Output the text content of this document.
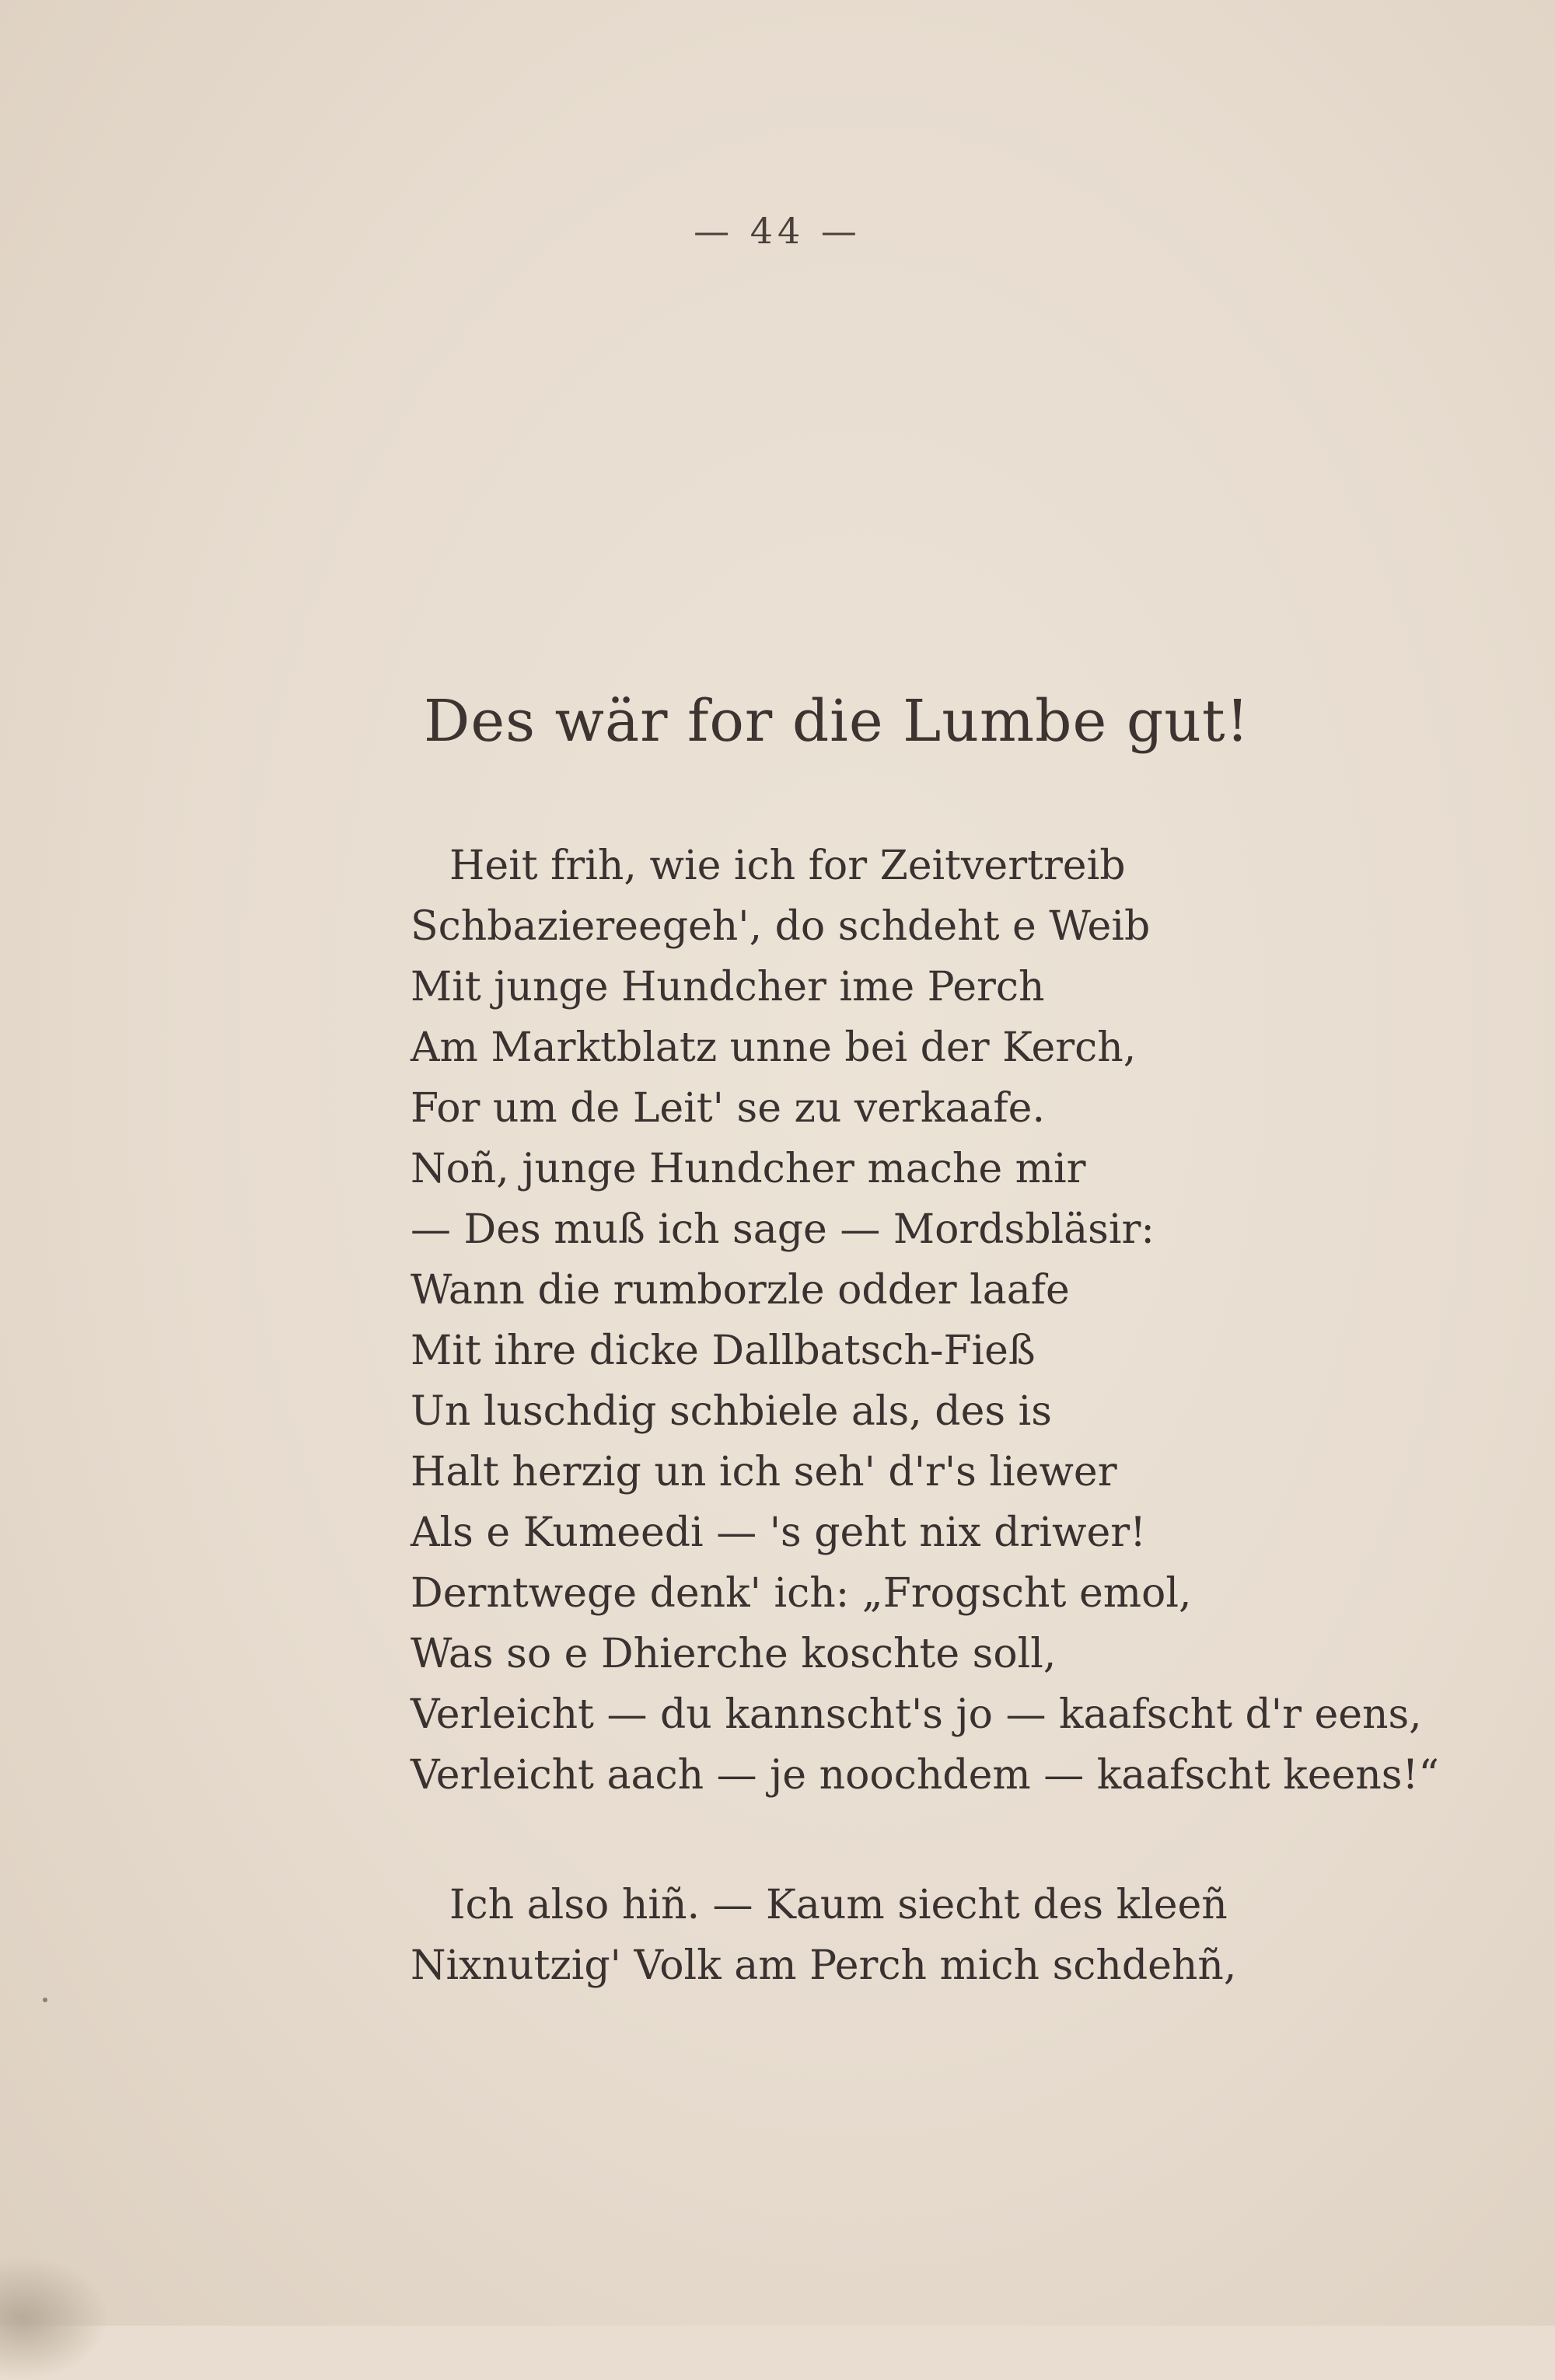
— 44 —
Des wär for die Lumbe gut!
Heit frih, wie ich for Zeitvertreib
Schbaziereegeh', do schdeht e Weib
Mit junge Hundcher ime Perch
Am Marktblatz unne bei der Kerch,
For um de Leit' se zu verkaafe.
Noñ, junge Hundcher mache mir
— Des muß ich sage — Mordsbläsir:
Wann die rumborzle odder laafe
Mit ihre dicke Dallbatsch-Fieß
Un luschdig schbiele als, des is
Halt herzig un ich seh' d'r's liewer
Als e Kumeedi — 's geht nix driwer!
Derntwege denk' ich: „Frogscht emol,
Was so e Dhierche koschte soll,
Verleicht — du kannscht's jo — kaafscht d'r eens,
Verleicht aach — je noochdem — kaafscht keens!“
Ich also hiñ. — Kaum siecht des kleeñ
Nixnutzig' Volk am Perch mich schdehñ,
